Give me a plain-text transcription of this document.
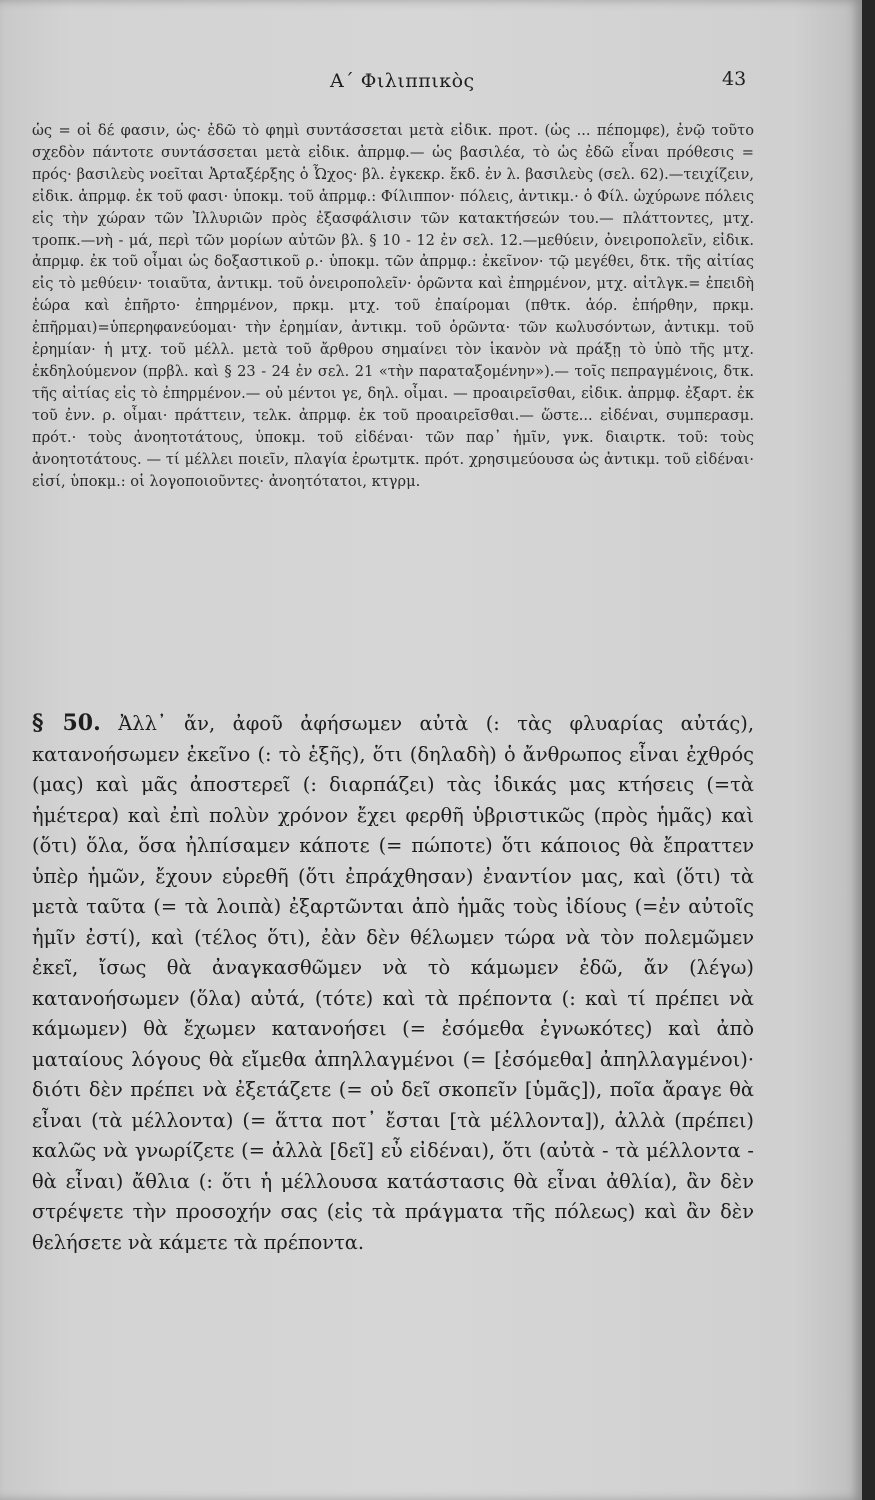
Α΄ Φιλιππικὸς	43

ὡς = οἱ δέ φασιν, ὡς· ἐδῶ τὸ φημὶ συντάσσεται μετὰ εἰδικ. προτ. (ὡς ... πέπομφε), ἐνῷ τοῦτο σχεδὸν πάντοτε συντάσσεται μετὰ εἰδικ. ἀπρμφ.— ὡς βασιλέα, τὸ ὡς ἐδῶ εἶναι πρόθεσις = πρός· βασιλεὺς νοεῖται Ἀρταξέρξης ὁ Ὦχος· βλ. ἐγκεκρ. ἔκδ. ἐν λ. βασιλεὺς (σελ. 62).—τειχίζειν, εἰδικ. ἀπρμφ. ἐκ τοῦ φασι· ὑποκμ. τοῦ ἀπρμφ.: Φίλιππον· πόλεις, ἀντικμ.· ὁ Φίλ. ὠχύρωνε πόλεις εἰς τὴν χώραν τῶν Ἰλλυριῶν πρὸς ἐξασφάλισιν τῶν κατακτήσεών του.— πλάττοντες, μτχ. τροπκ.—νὴ - μά, περὶ τῶν μορίων αὐτῶν βλ. § 10 - 12 ἐν σελ. 12.—μεθύειν, ὀνειροπολεῖν, εἰδικ. ἀπρμφ. ἐκ τοῦ οἶμαι ὡς δοξαστικοῦ ρ.· ὑποκμ. τῶν ἀπρμφ.: ἐκεῖνον· τῷ μεγέθει, δτκ. τῆς αἰτίας εἰς τὸ μεθύειν· τοιαῦτα, ἀντικμ. τοῦ ὀνειροπολεῖν· ὁρῶντα καὶ ἐπηρμένον, μτχ. αἰτλγκ.= ἐπειδὴ ἑώρα καὶ ἐπῆρτο· ἐπηρμένον, πρκμ. μτχ. τοῦ ἐπαίρομαι (πθτκ. ἀόρ. ἐπήρθην, πρκμ. ἐπῆρμαι)=ὑπερηφανεύομαι· τὴν ἐρημίαν, ἀντικμ. τοῦ ὁρῶντα· τῶν κωλυσόντων, ἀντικμ. τοῦ ἐρημίαν· ἡ μτχ. τοῦ μέλλ. μετὰ τοῦ ἄρθρου σημαίνει τὸν ἱκανὸν νὰ πράξῃ τὸ ὑπὸ τῆς μτχ. ἐκδηλούμενον (πρβλ. καὶ § 23 - 24 ἐν σελ. 21 «τὴν παραταξομένην»).— τοῖς πεπραγμένοις, δτκ. τῆς αἰτίας εἰς τὸ ἐπηρμένον.— οὐ μέντοι γε, δηλ. οἶμαι. — προαιρεῖσθαι, εἰδικ. ἀπρμφ. ἐξαρτ. ἐκ τοῦ ἐνν. ρ. οἶμαι· πράττειν, τελκ. ἀπρμφ. ἐκ τοῦ προαιρεῖσθαι.— ὥστε... εἰδέναι, συμπερασμ. πρότ.· τοὺς ἀνοητοτάτους, ὑποκμ. τοῦ εἰδέναι· τῶν παρ᾽ ἡμῖν, γνκ. διαιρτκ. τοῦ: τοὺς ἀνοητοτάτους. — τί μέλλει ποιεῖν, πλαγία ἐρωτμτκ. πρότ. χρησιμεύουσα ὡς ἀντικμ. τοῦ εἰδέναι· εἰσί, ὑποκμ.: οἱ λογοποιοῦντες· ἀνοητότατοι, κτγρμ.

§ 50. Ἀλλ᾽ ἄν, ἀφοῦ ἀφήσωμεν αὐτὰ (: τὰς φλυαρίας αὐτάς), κατανοήσωμεν ἐκεῖνο (: τὸ ἑξῆς), ὅτι (δηλαδὴ) ὁ ἄνθρωπος εἶναι ἐχθρός (μας) καὶ μᾶς ἀποστερεῖ (: διαρπάζει) τὰς ἰδικάς μας κτήσεις (=τὰ ἡμέτερα) καὶ ἐπὶ πολὺν χρόνον ἔχει φερθῆ ὑβριστικῶς (πρὸς ἡμᾶς) καὶ (ὅτι) ὅλα, ὅσα ἠλπίσαμεν κάποτε (= πώποτε) ὅτι κάποιος θὰ ἔπραττεν ὑπὲρ ἡμῶν, ἔχουν εὑρεθῆ (ὅτι ἐπράχθησαν) ἐναντίον μας, καὶ (ὅτι) τὰ μετὰ ταῦτα (= τὰ λοιπὰ) ἐξαρτῶνται ἀπὸ ἡμᾶς τοὺς ἰδίους (=ἐν αὐτοῖς ἡμῖν ἐστί), καὶ (τέλος ὅτι), ἐὰν δὲν θέλωμεν τώρα νὰ τὸν πολεμῶμεν ἐκεῖ, ἴσως θὰ ἀναγκασθῶμεν νὰ τὸ κάμωμεν ἐδῶ, ἄν (λέγω) κατανοήσωμεν (ὅλα) αὐτά, (τότε) καὶ τὰ πρέποντα (: καὶ τί πρέπει νὰ κάμωμεν) θὰ ἔχωμεν κατανοήσει (= ἐσόμεθα ἐγνωκότες) καὶ ἀπὸ ματαίους λόγους θὰ εἴμεθα ἀπηλλαγμένοι (= [ἐσόμεθα] ἀπηλλαγμένοι)· διότι δὲν πρέπει νὰ ἐξετάζετε (= οὐ δεῖ σκοπεῖν [ὑμᾶς]), ποῖα ἄραγε θὰ εἶναι (τὰ μέλλοντα) (= ἅττα ποτ᾽ ἔσται [τὰ μέλλοντα]), ἀλλὰ (πρέπει) καλῶς νὰ γνωρίζετε (= ἀλλὰ [δεῖ] εὖ εἰδέναι), ὅτι (αὐτὰ - τὰ μέλλοντα - θὰ εἶναι) ἄθλια (: ὅτι ἡ μέλλουσα κατάστασις θὰ εἶναι ἀθλία), ἂν δὲν στρέψετε τὴν προσοχήν σας (εἰς τὰ πράγματα τῆς πόλεως) καὶ ἂν δὲν θελήσετε νὰ κάμετε τὰ πρέποντα.
